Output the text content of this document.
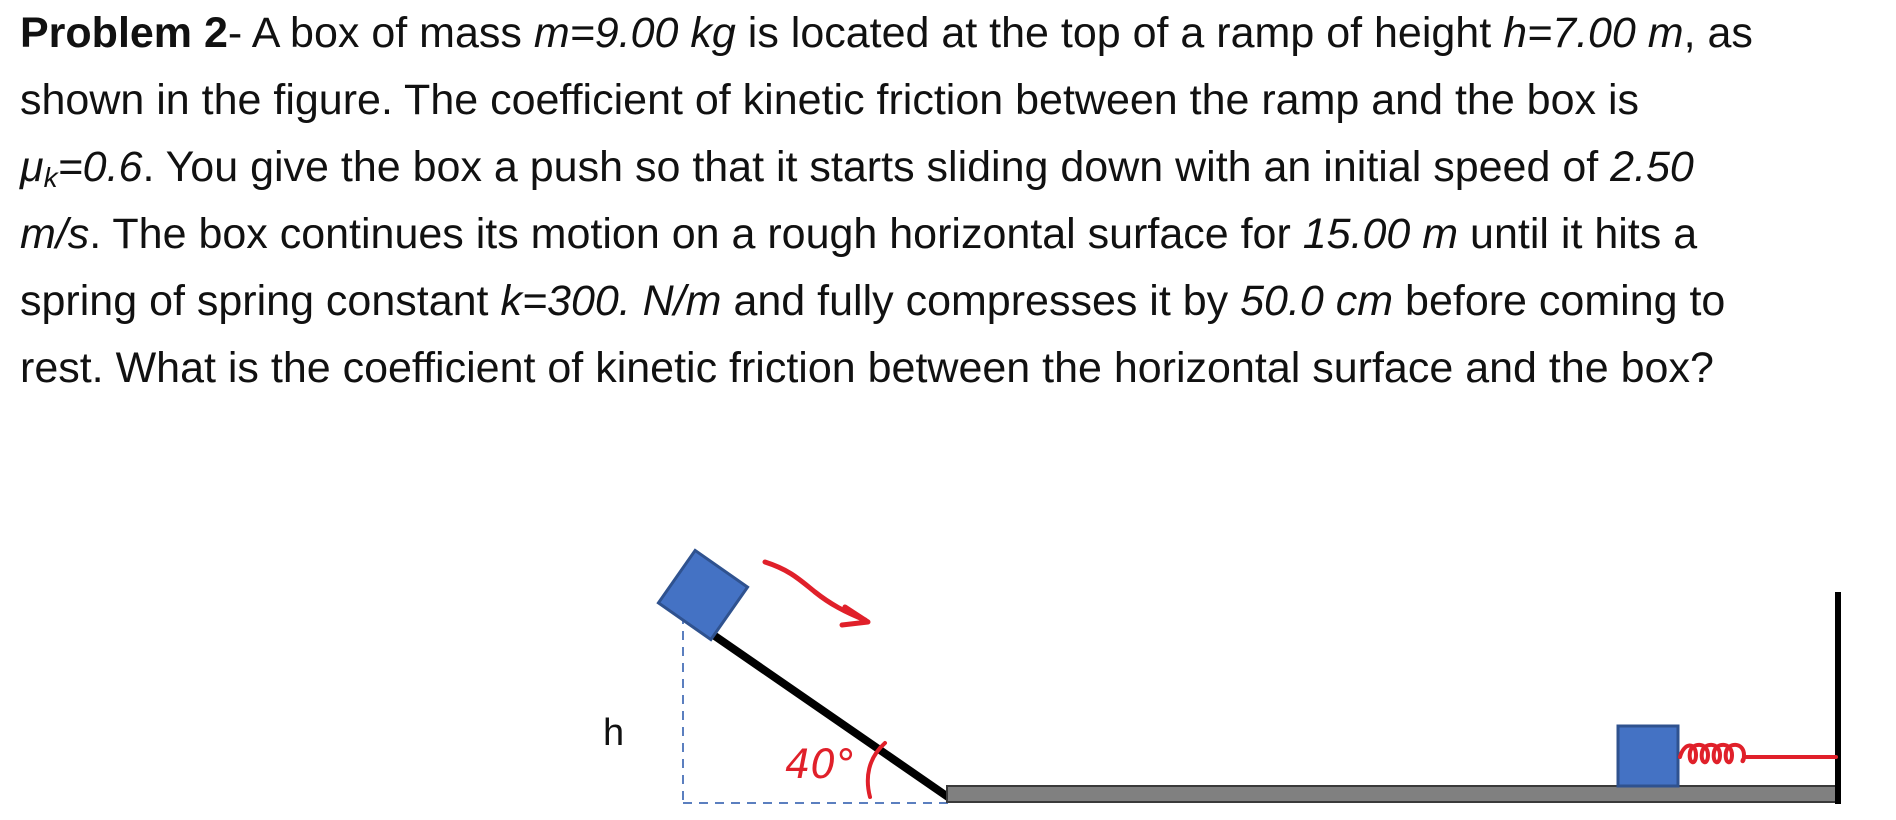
Problem 2- A box of mass m=9.00 kg is located at the top of a ramp of height h=7.00 m, as
shown in the figure. The coefficient of kinetic friction between the ramp and the box is
$\mu_k=0.6$. You give the box a push so that it starts sliding down with an initial speed of 2.50
m/s. The box continues its motion on a rough horizontal surface for 15.00 m until it hits a
spring of spring constant k=300. N/m and fully compresses it by 50.0 cm before coming to
rest. What is the coefficient of kinetic friction between the horizontal surface and the box?
h
40°
